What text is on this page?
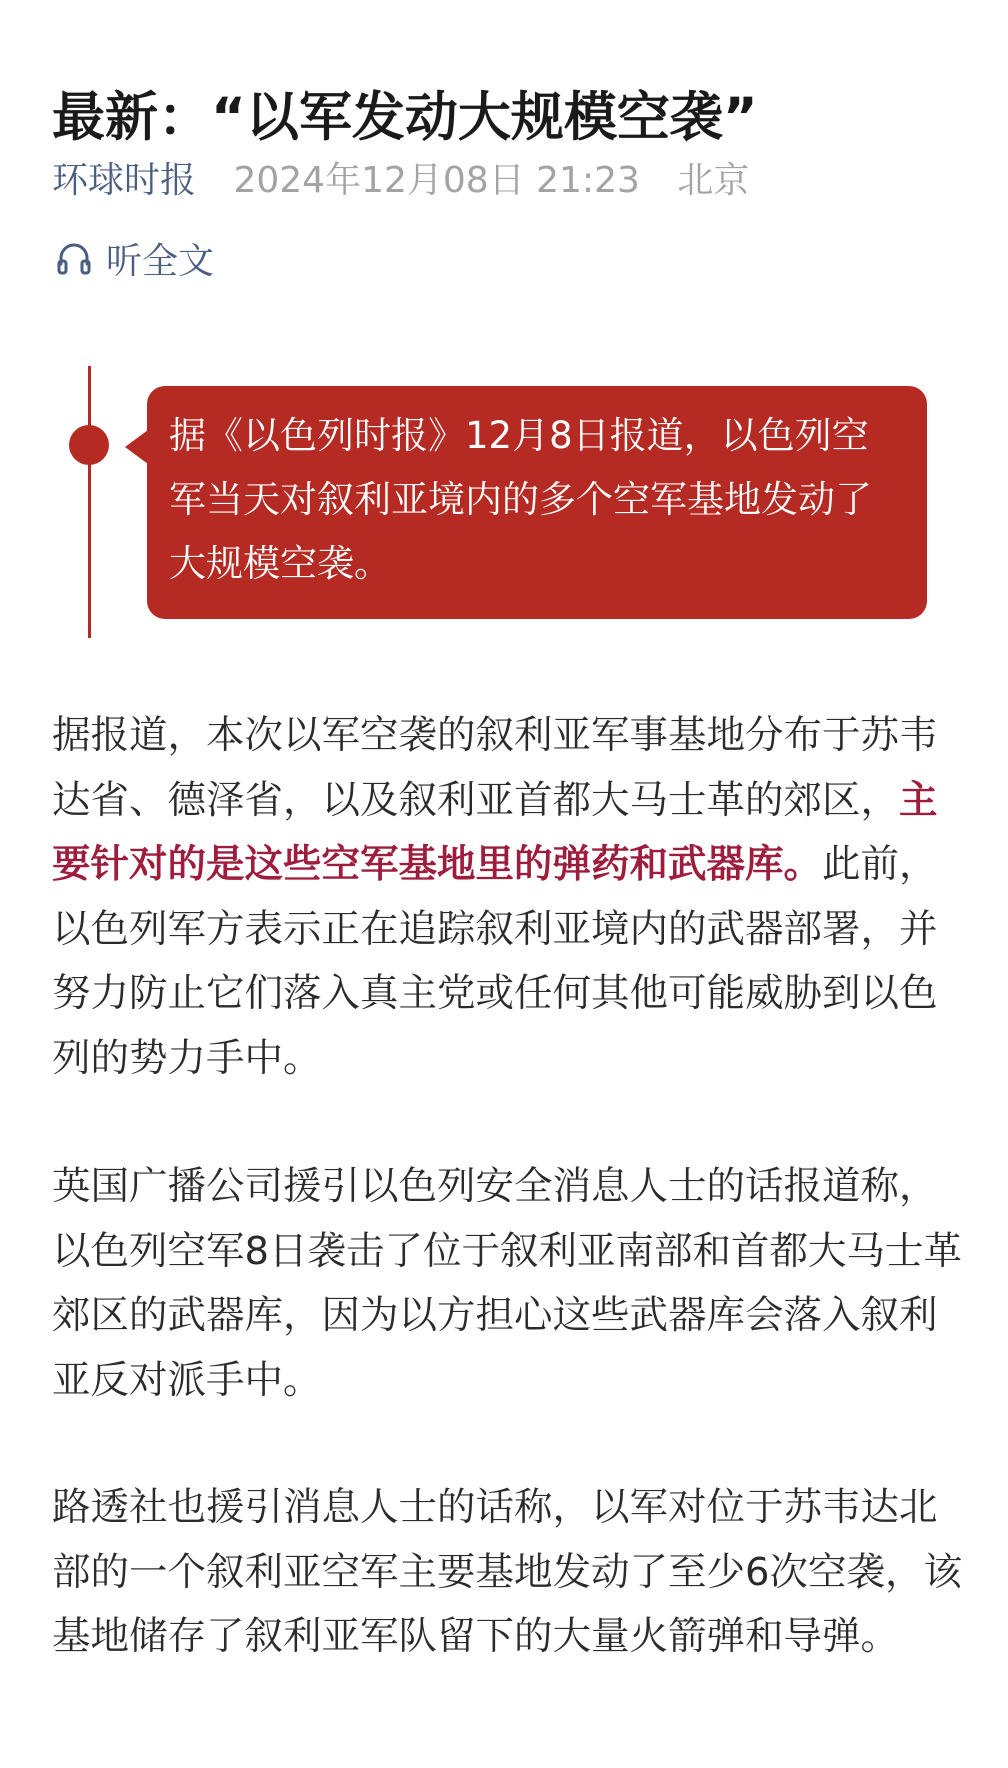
最新：“以军发动大规模空袭”
环球时报 2024年12月08日 21:23 北京
听全文
据《以色列时报》12月8日报道，以色列空军当天对叙利亚境内的多个空军基地发动了大规模空袭。

据报道，本次以军空袭的叙利亚军事基地分布于苏韦达省、德泽省，以及叙利亚首都大马士革的郊区，主要针对的是这些空军基地里的弹药和武器库。此前，以色列军方表示正在追踪叙利亚境内的武器部署，并努力防止它们落入真主党或任何其他可能威胁到以色列的势力手中。

英国广播公司援引以色列安全消息人士的话报道称，以色列空军8日袭击了位于叙利亚南部和首都大马士革郊区的武器库，因为以方担心这些武器库会落入叙利亚反对派手中。

路透社也援引消息人士的话称，以军对位于苏韦达北部的一个叙利亚空军主要基地发动了至少6次空袭，该基地储存了叙利亚军队留下的大量火箭弹和导弹。
